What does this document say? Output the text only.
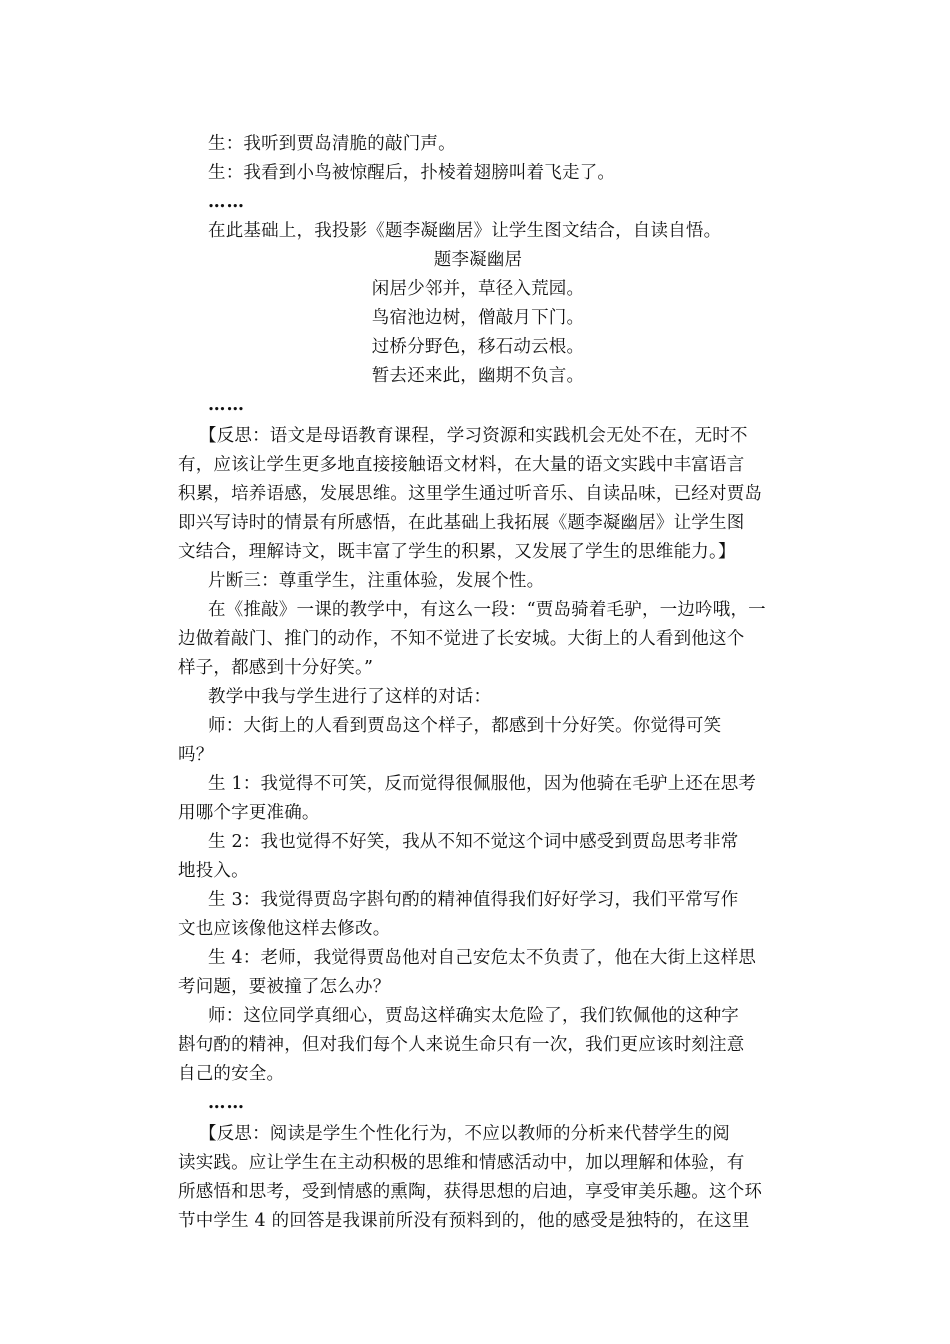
生：我听到贾岛清脆的敲门声。
生：我看到小鸟被惊醒后，扑棱着翅膀叫着飞走了。
……
在此基础上，我投影《题李凝幽居》让学生图文结合，自读自悟。
题李凝幽居
闲居少邻并，草径入荒园。
鸟宿池边树，僧敲月下门。
过桥分野色，移石动云根。
暂去还来此，幽期不负言。
……
【反思：语文是母语教育课程，学习资源和实践机会无处不在，无时不
有，应该让学生更多地直接接触语文材料，在大量的语文实践中丰富语言
积累，培养语感，发展思维。这里学生通过听音乐、自读品味，已经对贾岛
即兴写诗时的情景有所感悟，在此基础上我拓展《题李凝幽居》让学生图
文结合，理解诗文，既丰富了学生的积累，又发展了学生的思维能力。】
片断三：尊重学生，注重体验，发展个性。
在《推敲》一课的教学中，有这么一段：“贾岛骑着毛驴，一边吟哦，一
边做着敲门、推门的动作，不知不觉进了长安城。大街上的人看到他这个
样子，都感到十分好笑。”
教学中我与学生进行了这样的对话：
师：大街上的人看到贾岛这个样子，都感到十分好笑。你觉得可笑
吗？
生 1：我觉得不可笑，反而觉得很佩服他，因为他骑在毛驴上还在思考
用哪个字更准确。
生 2：我也觉得不好笑，我从不知不觉这个词中感受到贾岛思考非常
地投入。
生 3：我觉得贾岛字斟句酌的精神值得我们好好学习，我们平常写作
文也应该像他这样去修改。
生 4：老师，我觉得贾岛他对自己安危太不负责了，他在大街上这样思
考问题，要被撞了怎么办？
师：这位同学真细心，贾岛这样确实太危险了，我们钦佩他的这种字
斟句酌的精神，但对我们每个人来说生命只有一次，我们更应该时刻注意
自己的安全。
……
【反思：阅读是学生个性化行为，不应以教师的分析来代替学生的阅
读实践。应让学生在主动积极的思维和情感活动中，加以理解和体验，有
所感悟和思考，受到情感的熏陶，获得思想的启迪，享受审美乐趣。这个环
节中学生 4 的回答是我课前所没有预料到的，他的感受是独特的，在这里
